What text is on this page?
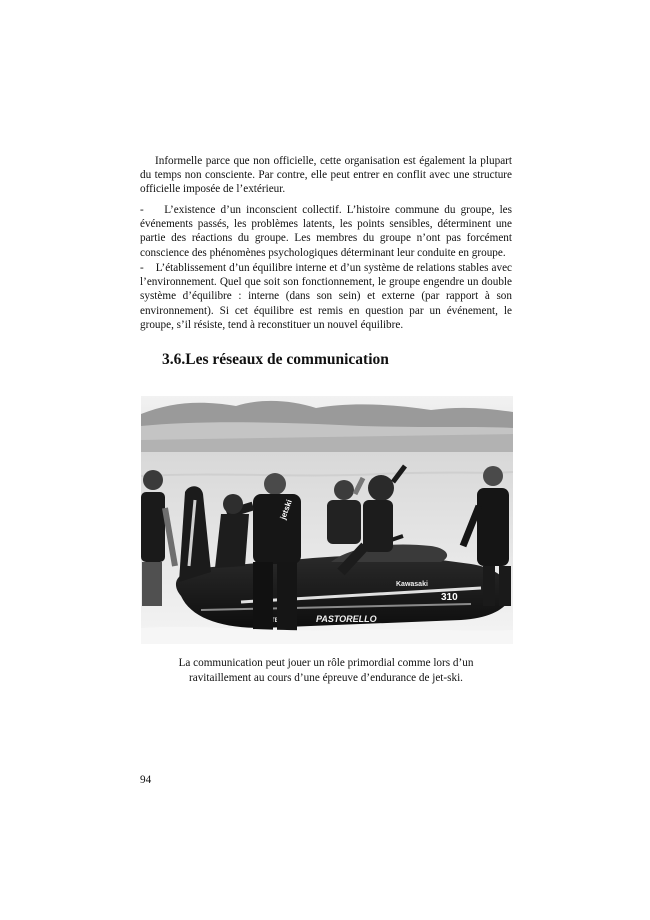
Informelle parce que non officielle, cette organisation est également la plupart du temps non consciente. Par contre, elle peut entrer en conflit avec une structure officielle imposée de l’extérieur.

-    L’existence d’un inconscient collectif. L’histoire commune du groupe, les événements passés, les problèmes latents, les points sensibles, déterminent une partie des réactions du groupe. Les membres du groupe n’ont pas forcément conscience des phénomènes psychologiques déterminant leur conduite en groupe.

-    L’établissement d’un équilibre interne et d’un système de relations stables avec l’environnement. Quel que soit son fonctionnement, le groupe engendre un double système d’équilibre : interne (dans son sein) et externe (par rapport à son environnement). Si cet équilibre est remis en question par un événement, le groupe, s’il résiste, tend à reconstituer un nouvel équilibre.

3.6.Les réseaux de communication
PASTORELLO
Kawasaki
310
jetski
La communication peut jouer un rôle primordial comme lors d’un
ravitaillement au cours d’une épreuve d’endurance de jet-ski.
94
